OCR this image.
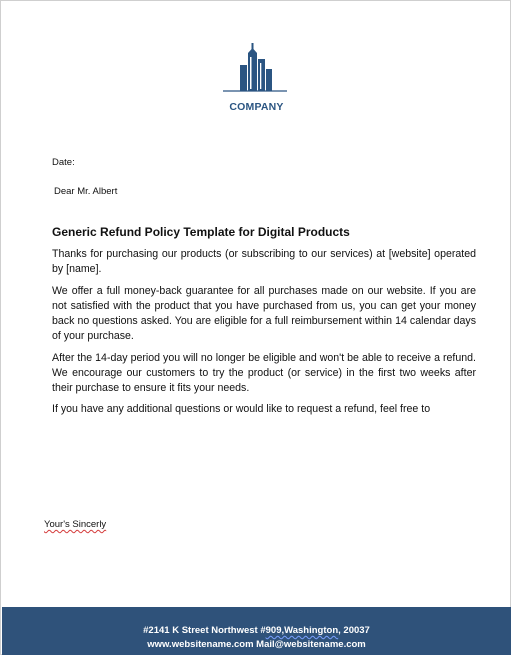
COMPANY
Date:
Dear Mr. Albert
Generic Refund Policy Template for Digital Products

Thanks for purchasing our products (or subscribing to our services) at [website] operated by [name].

We offer a full money-back guarantee for all purchases made on our website. If you are not satisfied with the product that you have purchased from us, you can get your money back no questions asked. You are eligible for a full reimbursement within 14 calendar days of your purchase.

After the 14-day period you will no longer be eligible and won't be able to receive a refund. We encourage our customers to try the product (or service) in the first two weeks after their purchase to ensure it fits your needs.

If you have any additional questions or would like to request a refund, feel free to

Your's Sincerly
#2141 K Street Northwest #909,Washington, 20037
www.websitename.com Mail@websitename.com
